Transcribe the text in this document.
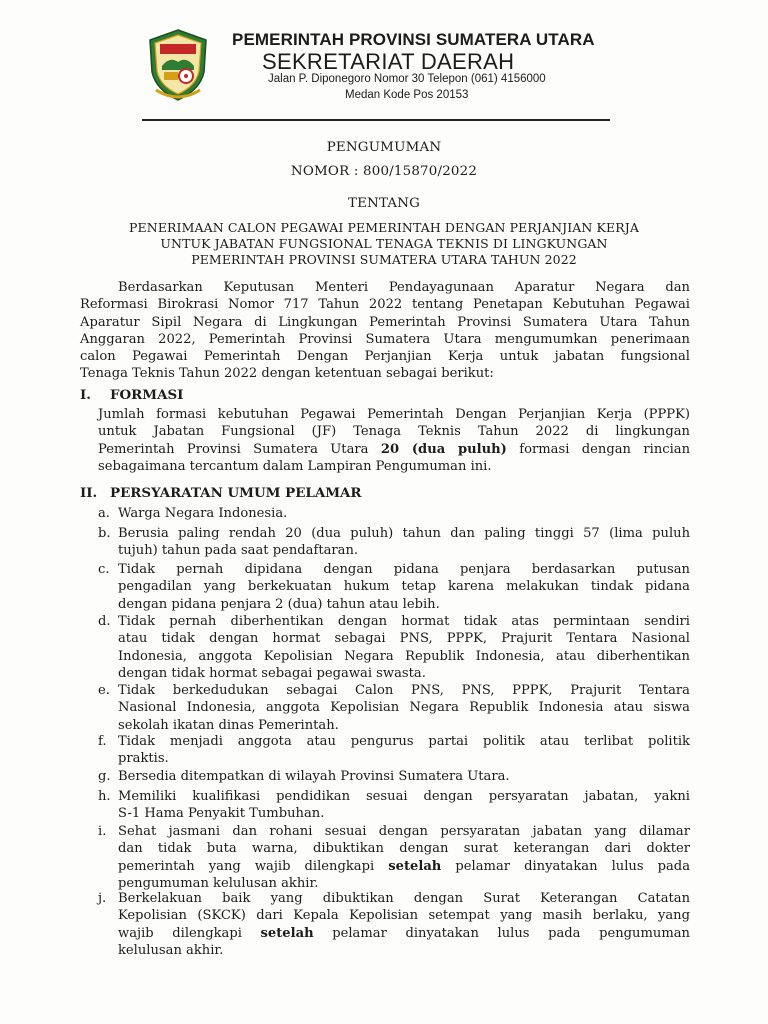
PEMERINTAH PROVINSI SUMATERA UTARA
SEKRETARIAT DAERAH
Jalan P. Diponegoro Nomor 30 Telepon (061) 4156000
Medan Kode Pos 20153
PENGUMUMAN
NOMOR : 800/15870/2022
TENTANG
PENERIMAAN CALON PEGAWAI PEMERINTAH DENGAN PERJANJIAN KERJA
UNTUK JABATAN FUNGSIONAL TENAGA TEKNIS DI LINGKUNGAN
PEMERINTAH PROVINSI SUMATERA UTARA TAHUN 2022
Berdasarkan Keputusan Menteri Pendayagunaan Aparatur Negara dan
Reformasi Birokrasi Nomor 717 Tahun 2022 tentang Penetapan Kebutuhan Pegawai
Aparatur Sipil Negara di Lingkungan Pemerintah Provinsi Sumatera Utara Tahun
Anggaran 2022, Pemerintah Provinsi Sumatera Utara mengumumkan penerimaan
calon Pegawai Pemerintah Dengan Perjanjian Kerja untuk jabatan fungsional
Tenaga Teknis Tahun 2022 dengan ketentuan sebagai berikut:
I. FORMASI
Jumlah formasi kebutuhan Pegawai Pemerintah Dengan Perjanjian Kerja (PPPK)
untuk Jabatan Fungsional (JF) Tenaga Teknis Tahun 2022 di lingkungan
Pemerintah Provinsi Sumatera Utara 20 (dua puluh) formasi dengan rincian
sebagaimana tercantum dalam Lampiran Pengumuman ini.
II. PERSYARATAN UMUM PELAMAR
a. Warga Negara Indonesia.
b. Berusia paling rendah 20 (dua puluh) tahun dan paling tinggi 57 (lima puluh
tujuh) tahun pada saat pendaftaran.
c. Tidak pernah dipidana dengan pidana penjara berdasarkan putusan
pengadilan yang berkekuatan hukum tetap karena melakukan tindak pidana
dengan pidana penjara 2 (dua) tahun atau lebih.
d. Tidak pernah diberhentikan dengan hormat tidak atas permintaan sendiri
atau tidak dengan hormat sebagai PNS, PPPK, Prajurit Tentara Nasional
Indonesia, anggota Kepolisian Negara Republik Indonesia, atau diberhentikan
dengan tidak hormat sebagai pegawai swasta.
e. Tidak berkedudukan sebagai Calon PNS, PNS, PPPK, Prajurit Tentara
Nasional Indonesia, anggota Kepolisian Negara Republik Indonesia atau siswa
sekolah ikatan dinas Pemerintah.
f. Tidak menjadi anggota atau pengurus partai politik atau terlibat politik
praktis.
g. Bersedia ditempatkan di wilayah Provinsi Sumatera Utara.
h. Memiliki kualifikasi pendidikan sesuai dengan persyaratan jabatan, yakni
S-1 Hama Penyakit Tumbuhan.
i. Sehat jasmani dan rohani sesuai dengan persyaratan jabatan yang dilamar
dan tidak buta warna, dibuktikan dengan surat keterangan dari dokter
pemerintah yang wajib dilengkapi setelah pelamar dinyatakan lulus pada
pengumuman kelulusan akhir.
j. Berkelakuan baik yang dibuktikan dengan Surat Keterangan Catatan
Kepolisian (SKCK) dari Kepala Kepolisian setempat yang masih berlaku, yang
wajib dilengkapi setelah pelamar dinyatakan lulus pada pengumuman
kelulusan akhir.
